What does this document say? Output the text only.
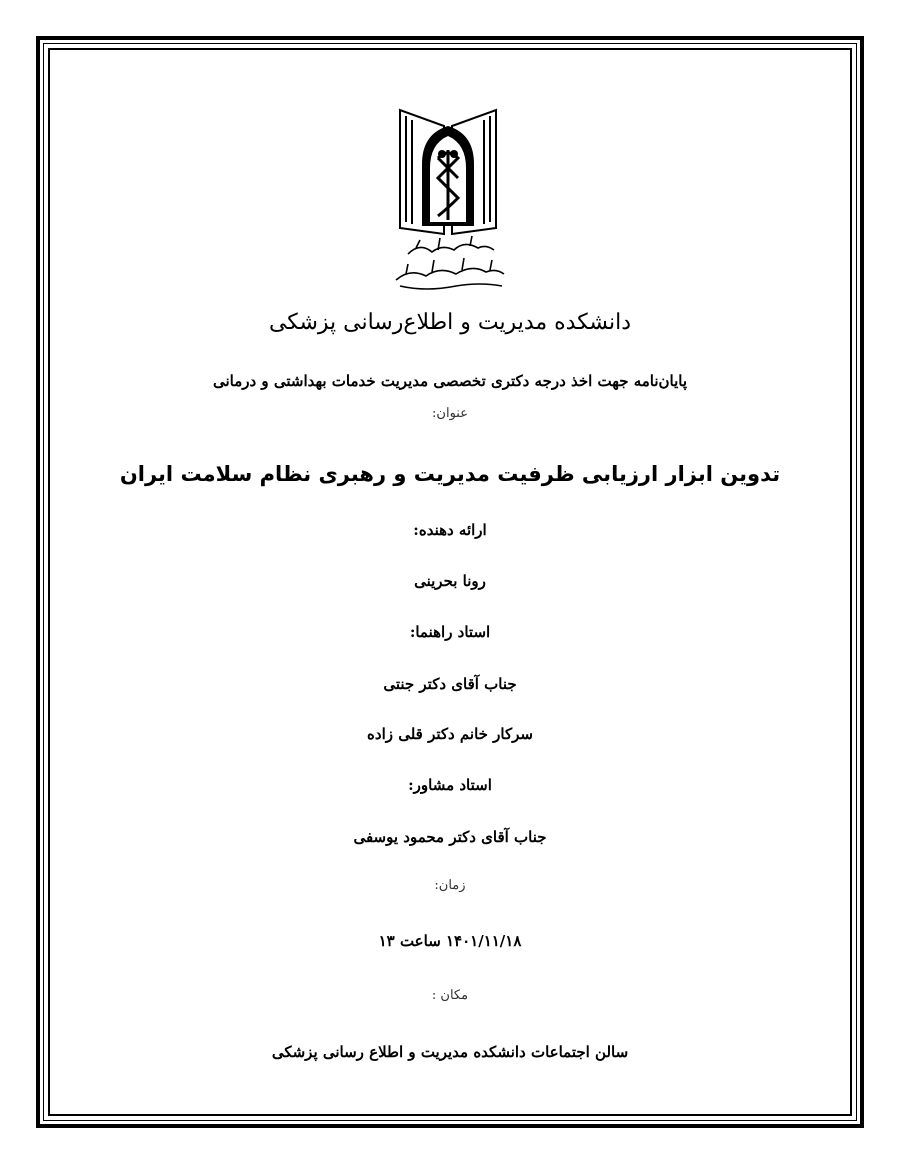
دانشکده مدیریت و اطلاع‌رسانی پزشکی
پایان‌نامه جهت اخذ درجه دکتری تخصصی مدیریت خدمات بهداشتی و درمانی
عنوان:
تدوین ابزار ارزیابی ظرفیت مدیریت و رهبری نظام سلامت ایران
ارائه دهنده:
رونا بحرینی
استاد راهنما:
جناب آقای دکتر جنتی
سرکار خانم دکتر قلی زاده
استاد مشاور:
جناب آقای دکتر محمود یوسفی
زمان:
۱۴۰۱/۱۱/۱۸ ساعت ۱۳
مکان :
سالن اجتماعات دانشکده مدیریت و اطلاع رسانی پزشکی
